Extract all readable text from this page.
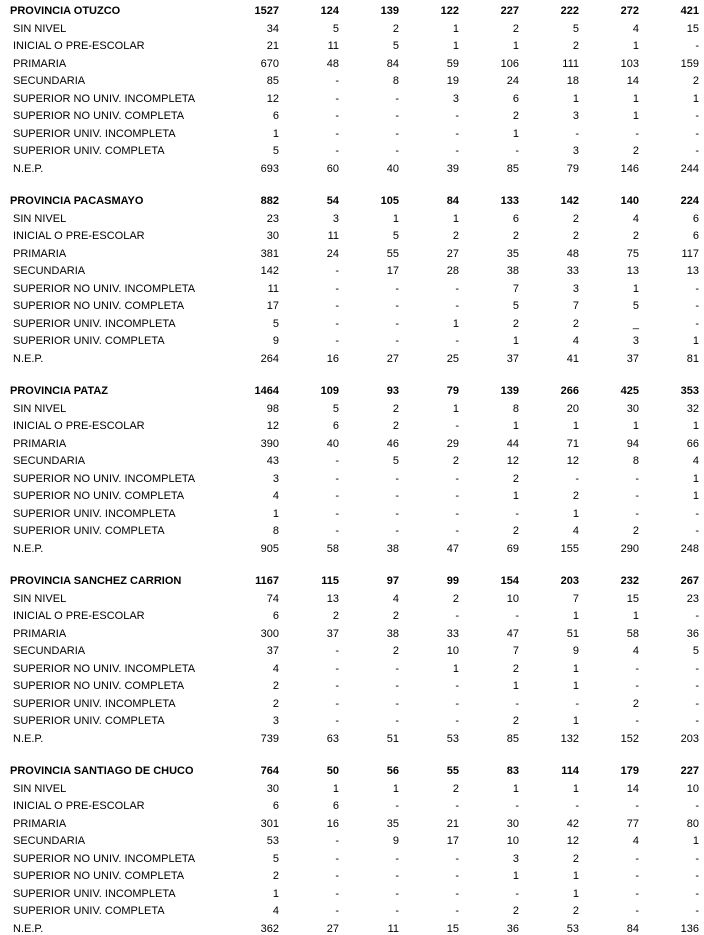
PROVINCIA OTUZCO	1527	124	139	122	227	222	272	421
SIN NIVEL	34	5	2	1	2	5	4	15
INICIAL O PRE-ESCOLAR	21	11	5	1	1	2	1	-
PRIMARIA	670	48	84	59	106	111	103	159
SECUNDARIA	85	-	8	19	24	18	14	2
SUPERIOR NO UNIV. INCOMPLETA	12	-	-	3	6	1	1	1
SUPERIOR NO UNIV. COMPLETA	6	-	-	-	2	3	1	-
SUPERIOR UNIV. INCOMPLETA	1	-	-	-	1	-	-	-
SUPERIOR UNIV. COMPLETA	5	-	-	-	-	3	2	-
N.E.P.	693	60	40	39	85	79	146	244
PROVINCIA PACASMAYO	882	54	105	84	133	142	140	224
SIN NIVEL	23	3	1	1	6	2	4	6
INICIAL O PRE-ESCOLAR	30	11	5	2	2	2	2	6
PRIMARIA	381	24	55	27	35	48	75	117
SECUNDARIA	142	-	17	28	38	33	13	13
SUPERIOR NO UNIV. INCOMPLETA	11	-	-	-	7	3	1	-
SUPERIOR NO UNIV. COMPLETA	17	-	-	-	5	7	5	-
SUPERIOR UNIV. INCOMPLETA	5	-	-	1	2	2	_	-
SUPERIOR UNIV. COMPLETA	9	-	-	-	1	4	3	1
N.E.P.	264	16	27	25	37	41	37	81
PROVINCIA PATAZ	1464	109	93	79	139	266	425	353
SIN NIVEL	98	5	2	1	8	20	30	32
INICIAL O PRE-ESCOLAR	12	6	2	-	1	1	1	1
PRIMARIA	390	40	46	29	44	71	94	66
SECUNDARIA	43	-	5	2	12	12	8	4
SUPERIOR NO UNIV. INCOMPLETA	3	-	-	-	2	-	-	1
SUPERIOR NO UNIV. COMPLETA	4	-	-	-	1	2	-	1
SUPERIOR UNIV. INCOMPLETA	1	-	-	-	-	1	-	-
SUPERIOR UNIV. COMPLETA	8	-	-	-	2	4	2	-
N.E.P.	905	58	38	47	69	155	290	248
PROVINCIA SANCHEZ CARRION	1167	115	97	99	154	203	232	267
SIN NIVEL	74	13	4	2	10	7	15	23
INICIAL O PRE-ESCOLAR	6	2	2	-	-	1	1	-
PRIMARIA	300	37	38	33	47	51	58	36
SECUNDARIA	37	-	2	10	7	9	4	5
SUPERIOR NO UNIV. INCOMPLETA	4	-	-	1	2	1	-	-
SUPERIOR NO UNIV. COMPLETA	2	-	-	-	1	1	-	-
SUPERIOR UNIV. INCOMPLETA	2	-	-	-	-	-	2	-
SUPERIOR UNIV. COMPLETA	3	-	-	-	2	1	-	-
N.E.P.	739	63	51	53	85	132	152	203
PROVINCIA SANTIAGO DE CHUCO	764	50	56	55	83	114	179	227
SIN NIVEL	30	1	1	2	1	1	14	10
INICIAL O PRE-ESCOLAR	6	6	-	-	-	-	-	-
PRIMARIA	301	16	35	21	30	42	77	80
SECUNDARIA	53	-	9	17	10	12	4	1
SUPERIOR NO UNIV. INCOMPLETA	5	-	-	-	3	2	-	-
SUPERIOR NO UNIV. COMPLETA	2	-	-	-	1	1	-	-
SUPERIOR UNIV. INCOMPLETA	1	-	-	-	-	1	-	-
SUPERIOR UNIV. COMPLETA	4	-	-	-	2	2	-	-
N.E.P.	362	27	11	15	36	53	84	136
